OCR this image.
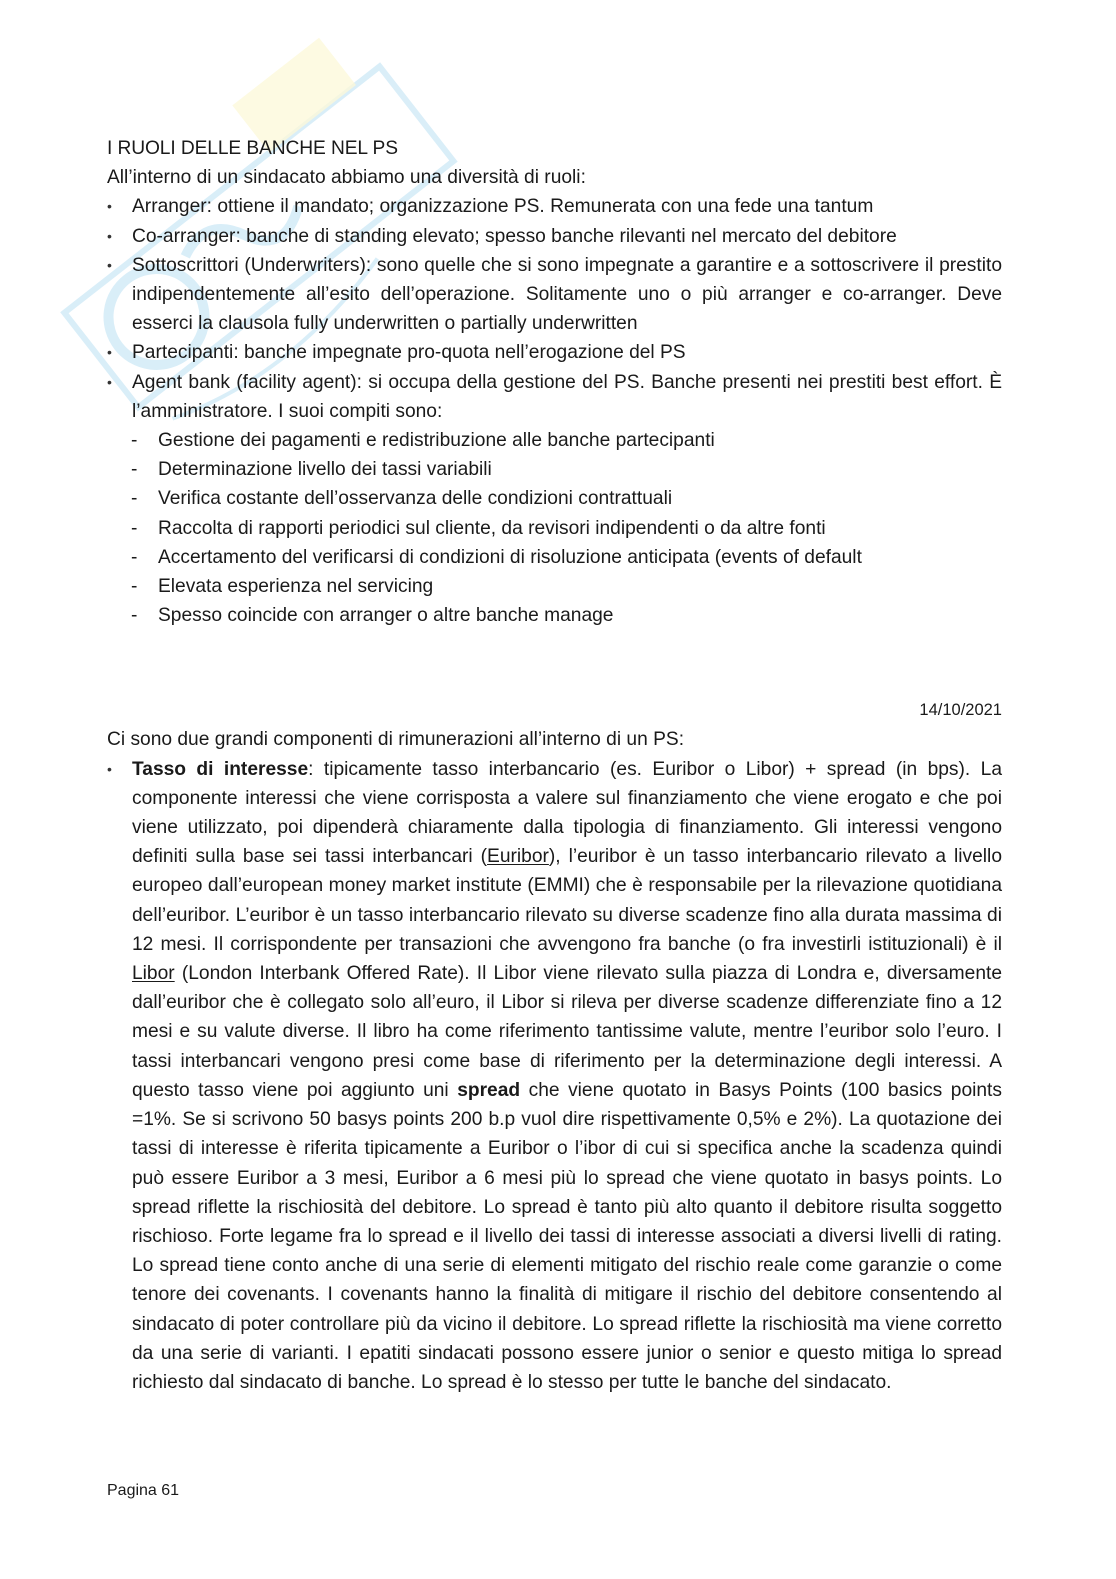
I RUOLI DELLE BANCHE NEL PS
All’interno di un sindacato abbiamo una diversità di ruoli:
• Arranger: ottiene il mandato; organizzazione PS. Remunerata con una fede una tantum
• Co-arranger: banche di standing elevato; spesso banche rilevanti nel mercato del debitore
• Sottoscrittori (Underwriters): sono quelle che si sono impegnate a garantire e a sottoscrivere il prestito indipendentemente all’esito dell’operazione. Solitamente uno o più arranger e co-arranger. Deve esserci la clausola fully underwritten o partially underwritten
• Partecipanti: banche impegnate pro-quota nell’erogazione del PS
• Agent bank (facility agent): si occupa della gestione del PS. Banche presenti nei prestiti best effort. È l’amministratore. I suoi compiti sono:
- Gestione dei pagamenti e redistribuzione alle banche partecipanti
- Determinazione livello dei tassi variabili
- Verifica costante dell’osservanza delle condizioni contrattuali
- Raccolta di rapporti periodici sul cliente, da revisori indipendenti o da altre fonti
- Accertamento del verificarsi di condizioni di risoluzione anticipata (events of default
- Elevata esperienza nel servicing
- Spesso coincide con arranger o altre banche manage
14/10/2021
Ci sono due grandi componenti di rimunerazioni all’interno di un PS:
• Tasso di interesse: tipicamente tasso interbancario (es. Euribor o Libor) + spread (in bps). La componente interessi che viene corrisposta a valere sul finanziamento che viene erogato e che poi viene utilizzato, poi dipenderà chiaramente dalla tipologia di finanziamento. Gli interessi vengono definiti sulla base sei tassi interbancari (Euribor), l’euribor è un tasso interbancario rilevato a livello europeo dall’european money market institute (EMMI) che è responsabile per la rilevazione quotidiana dell’euribor. L’euribor è un tasso interbancario rilevato su diverse scadenze fino alla durata massima di 12 mesi. Il corrispondente per transazioni che avvengono fra banche (o fra investirli istituzionali) è il Libor (London Interbank Offered Rate). Il Libor viene rilevato sulla piazza di Londra e, diversamente dall’euribor che è collegato solo all’euro, il Libor si rileva per diverse scadenze differenziate fino a 12 mesi e su valute diverse. Il libro ha come riferimento tantissime valute, mentre l’euribor solo l’euro. I tassi interbancari vengono presi come base di riferimento per la determinazione degli interessi. A questo tasso viene poi aggiunto uni spread che viene quotato in Basys Points (100 basics points =1%. Se si scrivono 50 basys points 200 b.p vuol dire rispettivamente 0,5% e 2%). La quotazione dei tassi di interesse è riferita tipicamente a Euribor o l’ibor di cui si specifica anche la scadenza quindi può essere Euribor a 3 mesi, Euribor a 6 mesi più lo spread che viene quotato in basys points. Lo spread riflette la rischiosità del debitore. Lo spread è tanto più alto quanto il debitore risulta soggetto rischioso. Forte legame fra lo spread e il livello dei tassi di interesse associati a diversi livelli di rating. Lo spread tiene conto anche di una serie di elementi mitigato del rischio reale come garanzie o come tenore dei covenants. I covenants hanno la finalità di mitigare il rischio del debitore consentendo al sindacato di poter controllare più da vicino il debitore. Lo spread riflette la rischiosità ma viene corretto da una serie di varianti. I epatiti sindacati possono essere junior o senior e questo mitiga lo spread richiesto dal sindacato di banche. Lo spread è lo stesso per tutte le banche del sindacato.
Pagina 61
